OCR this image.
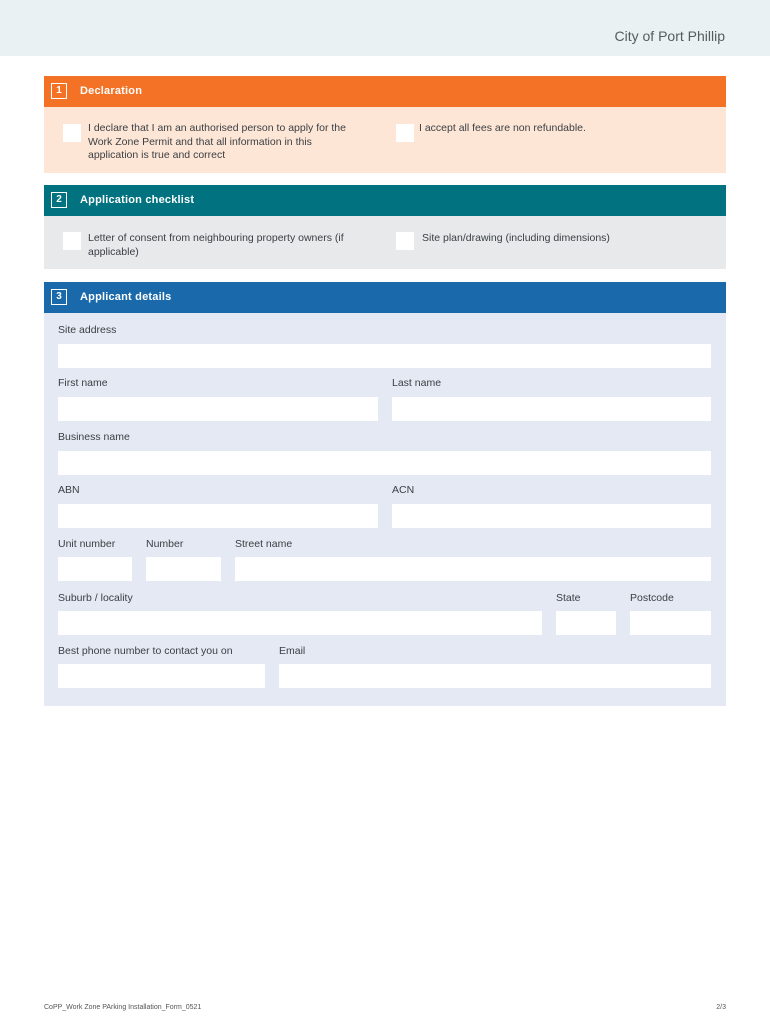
City of Port Phillip
1	Declaration
I declare that I am an authorised person to apply for the Work Zone Permit and that all information in this application is true and correct
I accept all fees are non refundable.
2	Application checklist
Letter of consent from neighbouring property owners (if applicable)
Site plan/drawing (including dimensions)
3	Applicant details
Site address
First name	Last name
Business name
ABN	ACN
Unit number	Number	Street name
Suburb / locality	State	Postcode
Best phone number to contact you on	Email
CoPP_Work Zone PArking Installation_Form_0521	2/3
